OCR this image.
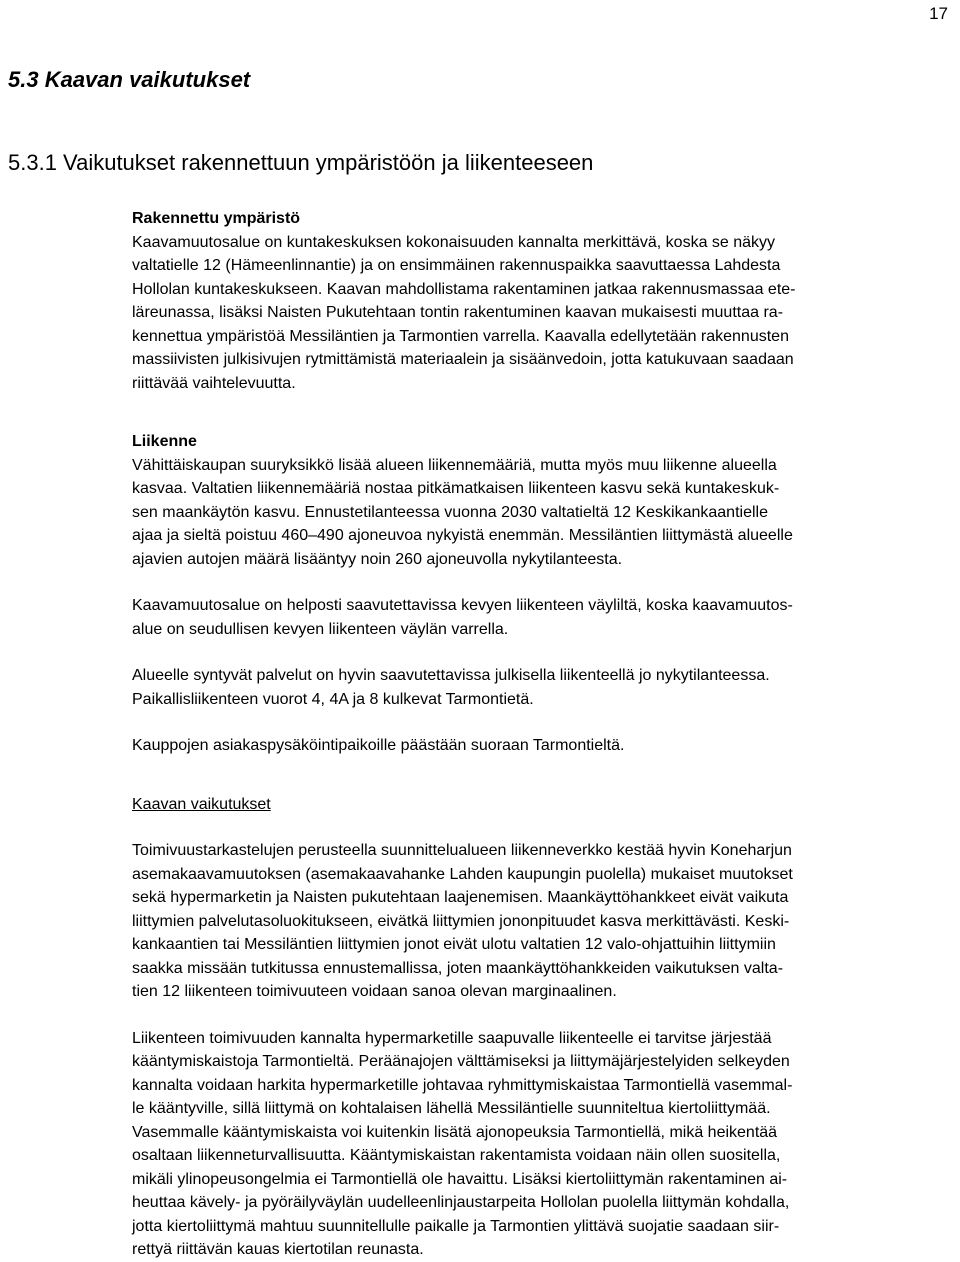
17
5.3 Kaavan vaikutukset
5.3.1 Vaikutukset rakennettuun ympäristöön ja liikenteeseen

Rakennettu ympäristö

Kaavamuutosalue on kuntakeskuksen kokonaisuuden kannalta merkittävä, koska se näkyy
valtatielle 12 (Hämeenlinnantie) ja on ensimmäinen rakennuspaikka saavuttaessa Lahdesta
Hollolan kuntakeskukseen. Kaavan mahdollistama rakentaminen jatkaa rakennusmassaa ete-
läreunassa, lisäksi Naisten Pukutehtaan tontin rakentuminen kaavan mukaisesti muuttaa ra-
kennettua ympäristöä Messiläntien ja Tarmontien varrella. Kaavalla edellytetään rakennusten
massiivisten julkisivujen rytmittämistä materiaalein ja sisäänvedoin, jotta katukuvaan saadaan
riittävää vaihtelevuutta.

Liikenne

Vähittäiskaupan suuryksikkö lisää alueen liikennemääriä, mutta myös muu liikenne alueella
kasvaa. Valtatien liikennemääriä nostaa pitkämatkaisen liikenteen kasvu sekä kuntakeskuk-
sen maankäytön kasvu. Ennustetilanteessa vuonna 2030 valtatieltä 12 Keskikankaantielle
ajaa ja sieltä poistuu 460–490 ajoneuvoa nykyistä enemmän. Messiläntien liittymästä alueelle
ajavien autojen määrä lisääntyy noin 260 ajoneuvolla nykytilanteesta.

Kaavamuutosalue on helposti saavutettavissa kevyen liikenteen väyliltä, koska kaavamuutos-
alue on seudullisen kevyen liikenteen väylän varrella.

Alueelle syntyvät palvelut on hyvin saavutettavissa julkisella liikenteellä jo nykytilanteessa.
Paikallisliikenteen vuorot 4, 4A ja 8 kulkevat Tarmontietä.

Kauppojen asiakaspysäköintipaikoille päästään suoraan Tarmontieltä.

Kaavan vaikutukset

Toimivuustarkastelujen perusteella suunnittelualueen liikenneverkko kestää hyvin Koneharjun
asemakaavamuutoksen (asemakaavahanke Lahden kaupungin puolella) mukaiset muutokset
sekä hypermarketin ja Naisten pukutehtaan laajenemisen. Maankäyttöhankkeet eivät vaikuta
liittymien palvelutasoluokitukseen, eivätkä liittymien jononpituudet kasva merkittävästi. Keski-
kankaantien tai Messiläntien liittymien jonot eivät ulotu valtatien 12 valo-ohjattuihin liittymiin
saakka missään tutkitussa ennustemallissa, joten maankäyttöhankkeiden vaikutuksen valta-
tien 12 liikenteen toimivuuteen voidaan sanoa olevan marginaalinen.

Liikenteen toimivuuden kannalta hypermarketille saapuvalle liikenteelle ei tarvitse järjestää
kääntymiskaistoja Tarmontieltä. Peräänajojen välttämiseksi ja liittymäjärjestelyiden selkeyden
kannalta voidaan harkita hypermarketille johtavaa ryhmittymiskaistaa Tarmontiellä vasemmal-
le kääntyville, sillä liittymä on kohtalaisen lähellä Messiläntielle suunniteltua kiertoliittymää.
Vasemmalle kääntymiskaista voi kuitenkin lisätä ajonopeuksia Tarmontiellä, mikä heikentää
osaltaan liikenneturvallisuutta. Kääntymiskaistan rakentamista voidaan näin ollen suositella,
mikäli ylinopeusongelmia ei Tarmontiellä ole havaittu. Lisäksi kiertoliittymän rakentaminen ai-
heuttaa kävely- ja pyöräilyväylän uudelleenlinjaustarpeita Hollolan puolella liittymän kohdalla,
jotta kiertoliittymä mahtuu suunnitellulle paikalle ja Tarmontien ylittävä suojatie saadaan siir-
rettyä riittävän kauas kiertotilan reunasta.
